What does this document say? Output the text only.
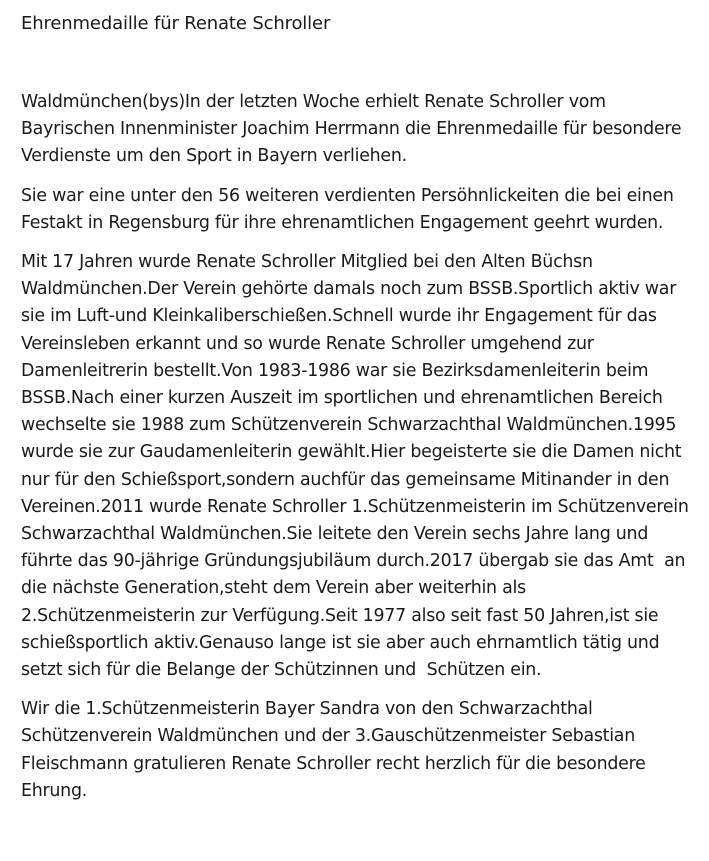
Ehrenmedaille für Renate Schroller

Waldmünchen(bys)In der letzten Woche erhielt Renate Schroller vom Bayrischen Innenminister Joachim Herrmann die Ehrenmedaille für besondere Verdienste um den Sport in Bayern verliehen.

Sie war eine unter den 56 weiteren verdienten Persöhnlickeiten die bei einen Festakt in Regensburg für ihre ehrenamtlichen Engagement geehrt wurden.

Mit 17 Jahren wurde Renate Schroller Mitglied bei den Alten Büchsn Waldmünchen.Der Verein gehörte damals noch zum BSSB.Sportlich aktiv war sie im Luft-und Kleinkaliberschießen.Schnell wurde ihr Engagement für das Vereinsleben erkannt und so wurde Renate Schroller umgehend zur Damenleitrerin bestellt.Von 1983-1986 war sie Bezirksdamenleiterin beim BSSB.Nach einer kurzen Auszeit im sportlichen und ehrenamtlichen Bereich wechselte sie 1988 zum Schützenverein Schwarzachthal Waldmünchen.1995 wurde sie zur Gaudamenleiterin gewählt.Hier begeisterte sie die Damen nicht nur für den Schießsport,sondern auchfür das gemeinsame Mitinander in den Vereinen.2011 wurde Renate Schroller 1.Schützenmeisterin im Schützenverein Schwarzachthal Waldmünchen.Sie leitete den Verein sechs Jahre lang und führte das 90-jährige Gründungsjubiläum durch.2017 übergab sie das Amt  an die nächste Generation,steht dem Verein aber weiterhin als 2.Schützenmeisterin zur Verfügung.Seit 1977 also seit fast 50 Jahren,ist sie schießsportlich aktiv.Genauso lange ist sie aber auch ehrnamtlich tätig und setzt sich für die Belange der Schützinnen und  Schützen ein.

Wir die 1.Schützenmeisterin Bayer Sandra von den Schwarzachthal Schützenverein Waldmünchen und der 3.Gauschützenmeister Sebastian Fleischmann gratulieren Renate Schroller recht herzlich für die besondere Ehrung.
